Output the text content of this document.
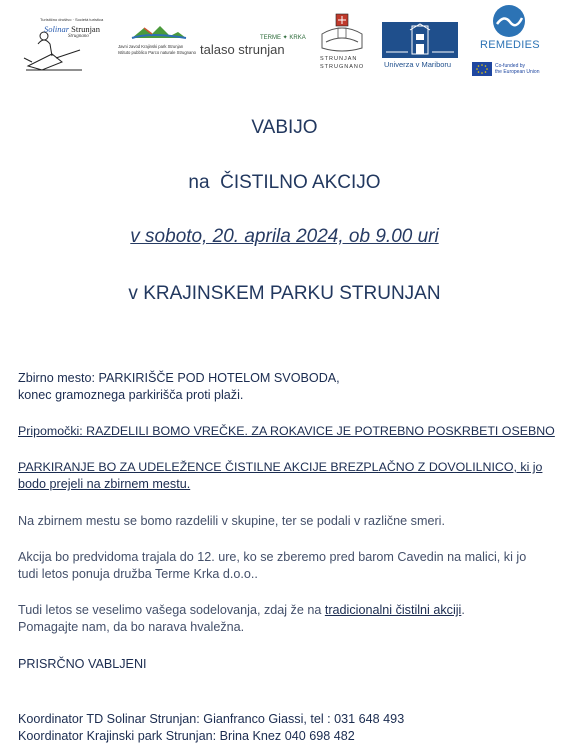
Turistično društvo · Società turistica
Solinar Strunjan
Strugnano
Javni zavod Krajinski park Strunjan
Istituto pubblico Parco naturale Strugnano
TERME ✦ KRKA
talaso strunjan
STRUNJAN
STRUGNANO	Univerza v Mariboru
REMEDIES
Co-funded by
the European Union
VABIJO
na  ČISTILNO AKCIJO
v soboto, 20. aprila 2024, ob 9.00 uri
v KRAJINSKEM PARKU STRUNJAN
Zbirno mesto: PARKIRIŠČE POD HOTELOM SVOBODA,
konec gramoznega parkirišča proti plaži.
Pripomočki: RAZDELILI BOMO VREČKE. ZA ROKAVICE JE POTREBNO POSKRBETI OSEBNO
PARKIRANJE BO ZA UDELEŽENCE ČISTILNE AKCIJE BREZPLAČNO Z DOVOLILNICO, ki jo
bodo prejeli na zbirnem mestu.
Na zbirnem mestu se bomo razdelili v skupine, ter se podali v različne smeri.
Akcija bo predvidoma trajala do 12. ure, ko se zberemo pred barom Cavedin na malici, ki jo
tudi letos ponuja družba Terme Krka d.o.o..
Tudi letos se veselimo vašega sodelovanja, zdaj že na tradicionalni čistilni akciji.
Pomagajte nam, da bo narava hvaležna.
PRISRČNO VABLJENI
Koordinator TD Solinar Strunjan: Gianfranco Giassi, tel : 031 648 493
Koordinator Krajinski park Strunjan: Brina Knez 040 698 482
